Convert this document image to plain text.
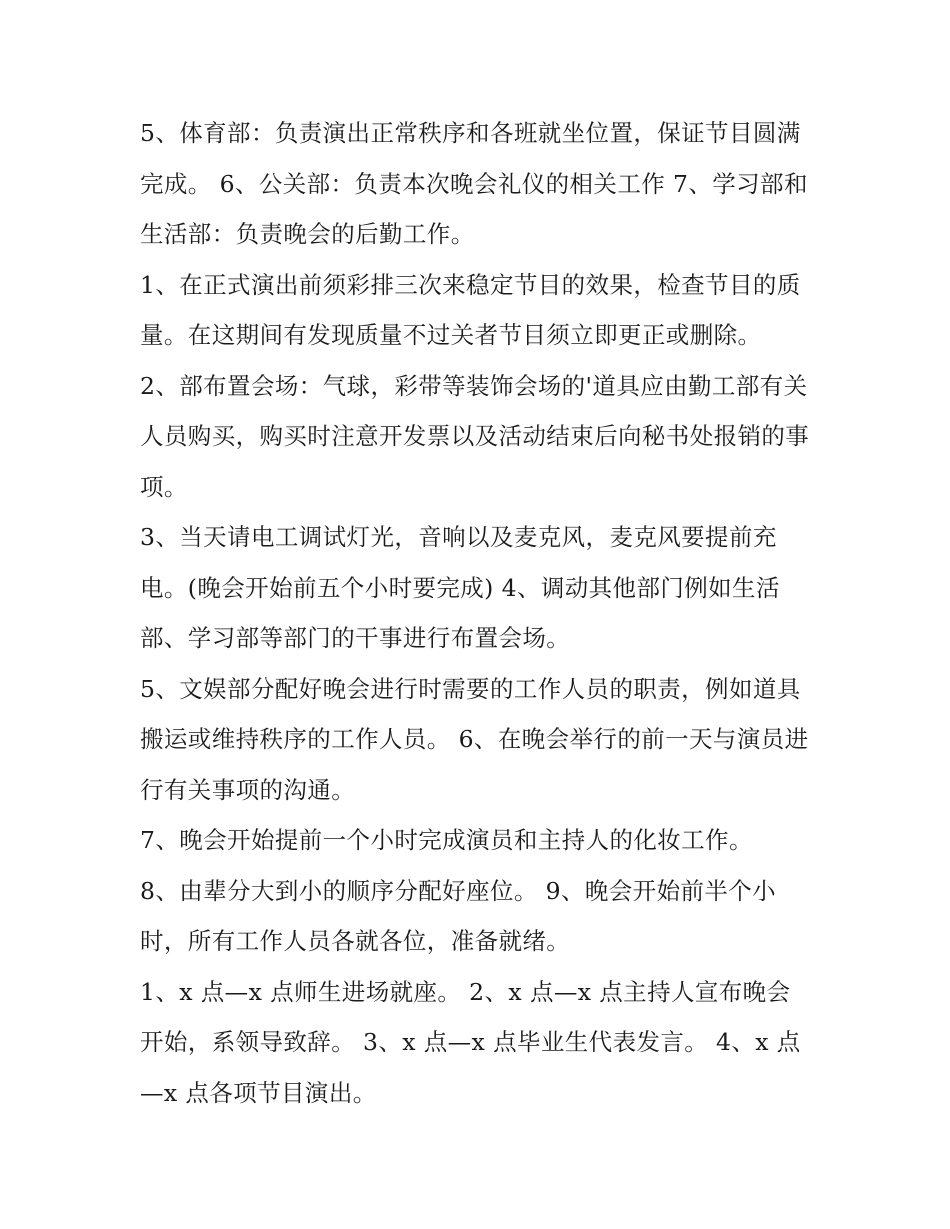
5、体育部：负责演出正常秩序和各班就坐位置，保证节目圆满完成。 6、公关部：负责本次晚会礼仪的相关工作 7、学习部和生活部：负责晚会的后勤工作。

1、在正式演出前须彩排三次来稳定节目的效果，检查节目的质量。在这期间有发现质量不过关者节目须立即更正或删除。

2、部布置会场：气球，彩带等装饰会场的'道具应由勤工部有关人员购买，购买时注意开发票以及活动结束后向秘书处报销的事项。

3、当天请电工调试灯光，音响以及麦克风，麦克风要提前充电。(晚会开始前五个小时要完成) 4、调动其他部门例如生活部、学习部等部门的干事进行布置会场。

5、文娱部分配好晚会进行时需要的工作人员的职责，例如道具搬运或维持秩序的工作人员。 6、在晚会举行的前一天与演员进行有关事项的沟通。

7、晚会开始提前一个小时完成演员和主持人的化妆工作。

8、由辈分大到小的顺序分配好座位。 9、晚会开始前半个小时，所有工作人员各就各位，准备就绪。

1、x 点—x 点师生进场就座。 2、x 点—x 点主持人宣布晚会开始，系领导致辞。 3、x 点—x 点毕业生代表发言。 4、x 点—x 点各项节目演出。
